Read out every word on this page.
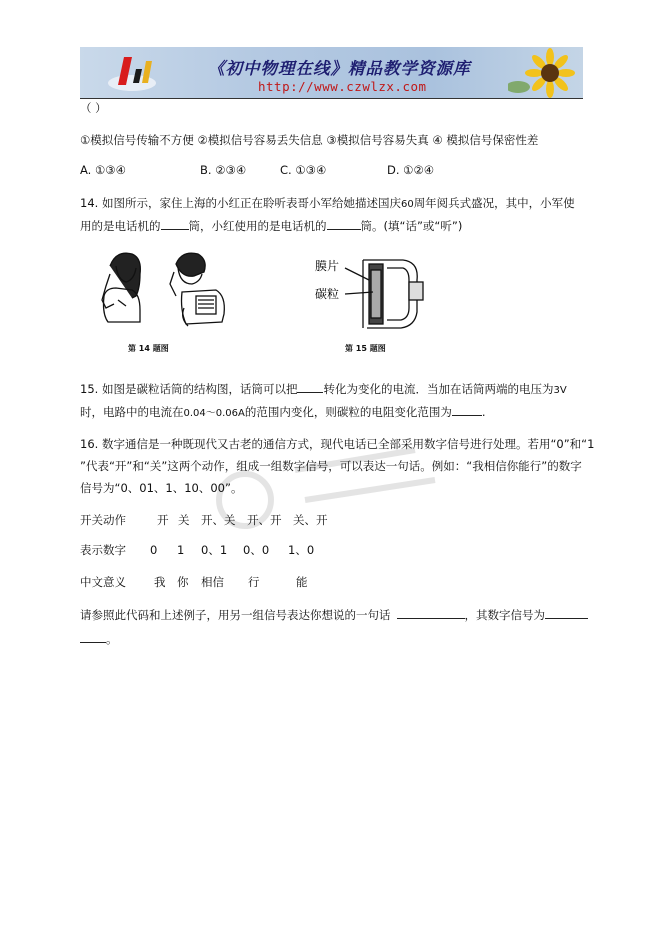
《初中物理在线》精品教学资源库
http://www.czwlzx.com
（ ）
①模拟信号传输不方便 ②模拟信号容易丢失信息 ③模拟信号容易失真 ④ 模拟信号保密性差
A. ①③④	B. ②③④	C. ①③④	D. ①②④
14. 如图所示，家住上海的小红正在聆听表哥小军给她描述国庆60周年阅兵式盛况，其中，小军使
用的是电话机的 筒，小红使用的是电话机的	筒。(填“话”或“听”)
膜片
碳粒
第 14 题图	第 15 题图
15. 如图是碳粒话筒的结构图，话筒可以把 转化为变化的电流．当加在话筒两端的电压为3V
时，电路中的电流在0.04～0.06A的范围内变化，则碳粒的电阻变化范围为	.
16. 数字通信是一种既现代又古老的通信方式，现代电话已全部采用数字信号进行处理。若用“0”和“1
”代表“开”和“关”这两个动作，组成一组数字信号，可以表达一句话。例如：“我相信你能行”的数字
信号为“0、01、1、10、00”。
开关动作	开 关 开、关 开、开 关、开
表示数字 0 1 0、1 0、0 1、0
中文意义 我 你 相信 行	能
请参照此代码和上述例子，用另一组信号表达你想说的一句话	，其数字信号为
。
